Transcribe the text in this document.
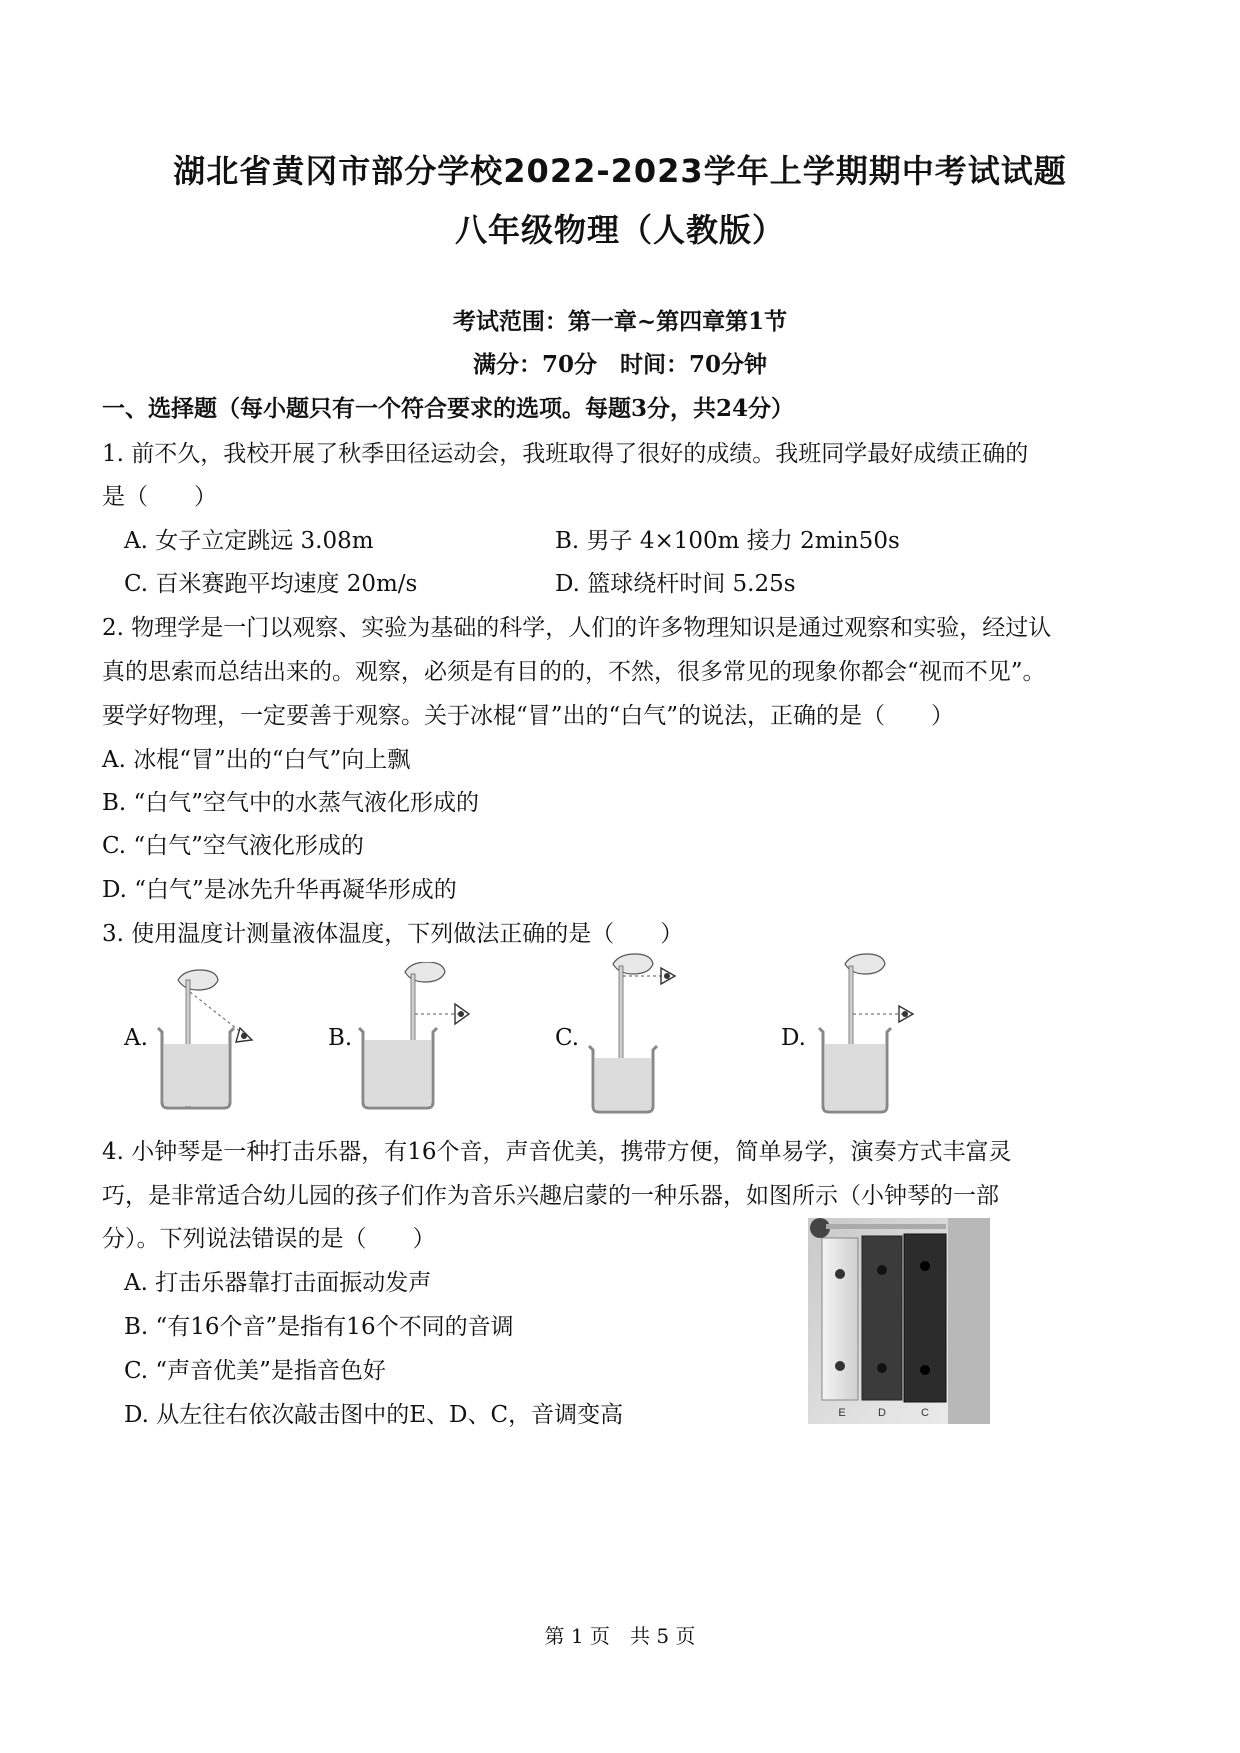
湖北省黄冈市部分学校2022-2023学年上学期期中考试试题
八年级物理（人教版）
考试范围：第一章~第四章第1节
满分：70分　时间：70分钟
一、选择题（每小题只有一个符合要求的选项。每题3分，共24分）
1. 前不久，我校开展了秋季田径运动会，我班取得了很好的成绩。我班同学最好成绩正确的
是（　　）
A. 女子立定跳远 3.08m	B. 男子 4×100m 接力 2min50s
C. 百米赛跑平均速度 20m/s	D. 篮球绕杆时间 5.25s
2. 物理学是一门以观察、实验为基础的科学，人们的许多物理知识是通过观察和实验，经过认
真的思索而总结出来的。观察，必须是有目的的，不然，很多常见的现象你都会“视而不见”。
要学好物理，一定要善于观察。关于冰棍“冒”出的“白气”的说法，正确的是（　　）
A. 冰棍“冒”出的“白气”向上飘
B. “白气”空气中的水蒸气液化形成的
C. “白气”空气液化形成的
D. “白气”是冰先升华再凝华形成的
3. 使用温度计测量液体温度，下列做法正确的是（　　）
A.	B.	C.	D.
4. 小钟琴是一种打击乐器，有16个音，声音优美，携带方便，简单易学，演奏方式丰富灵
巧，是非常适合幼儿园的孩子们作为音乐兴趣启蒙的一种乐器，如图所示（小钟琴的一部
分）。下列说法错误的是（　　）
A. 打击乐器靠打击面振动发声
B. “有16个音”是指有16个不同的音调
C. “声音优美”是指音色好
D. 从左往右依次敲击图中的E、D、C，音调变高	E	D	C
第 1 页　共 5 页
